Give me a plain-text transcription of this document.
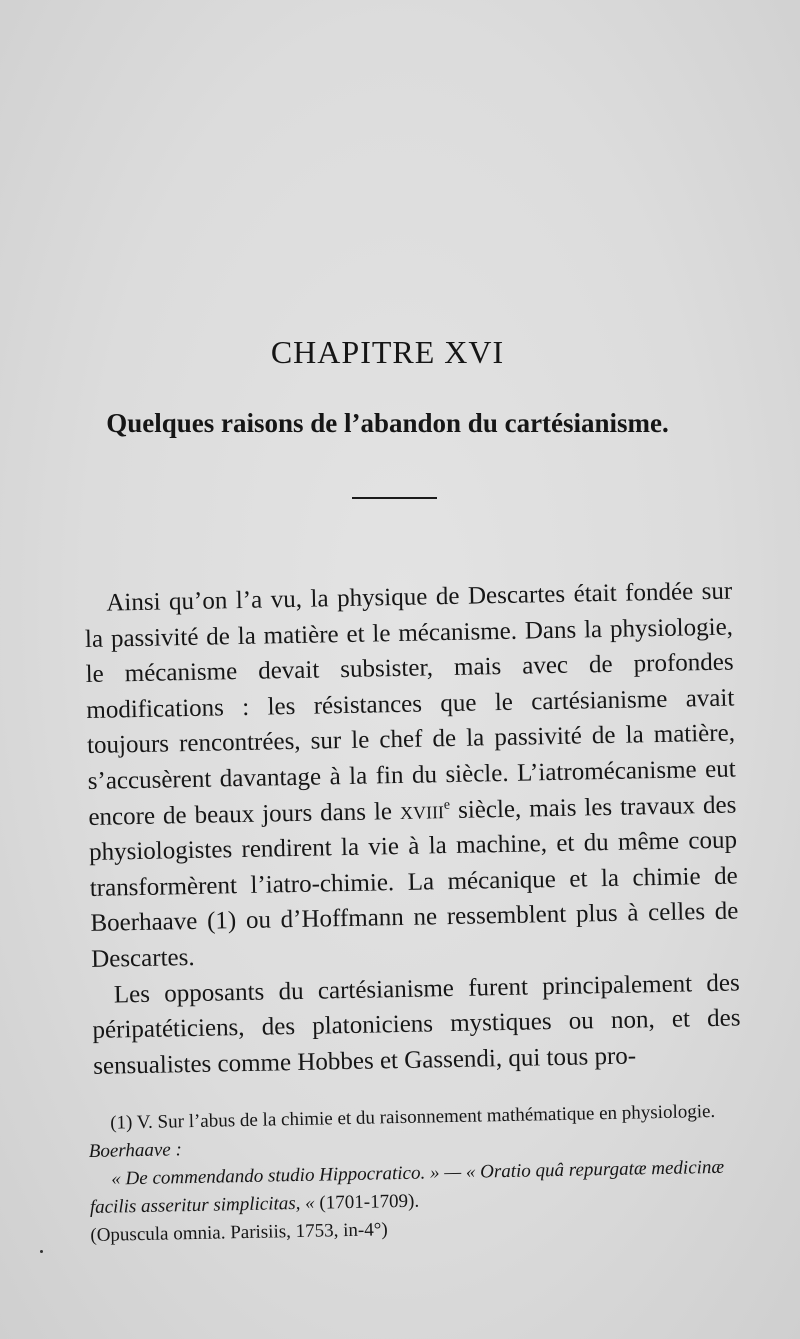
CHAPITRE XVI
Quelques raisons de l’abandon du cartésianisme.

Ainsi qu’on l’a vu, la physique de Descartes était fondée sur la passivité de la matière et le mécanisme. Dans la physiologie, le mécanisme devait subsister, mais avec de profondes modifications : les résistances que le cartésianisme avait toujours rencontrées, sur le chef de la passivité de la matière, s’accusèrent davantage à la fin du siècle. L’iatromécanisme eut encore de beaux jours dans le xviii$^e$ siècle, mais les travaux des physiologistes rendirent la vie à la machine, et du même coup transformèrent l’iatro-chimie. La mécanique et la chimie de Boerhaave (1) ou d’Hoffmann ne ressemblent plus à celles de Descartes.

Les opposants du cartésianisme furent principalement des péripatéticiens, des platoniciens mystiques ou non, et des sensualistes comme Hobbes et Gassendi, qui tous pro-

(1) V. Sur l’abus de la chimie et du raisonnement mathématique en physiologie. Boerhaave :

« De commendando studio Hippocratico. » — « Oratio quâ repurgatæ medicinæ facilis asseritur simplicitas, « (1701-1709).

(Opuscula omnia. Parisiis, 1753, in-4°)
